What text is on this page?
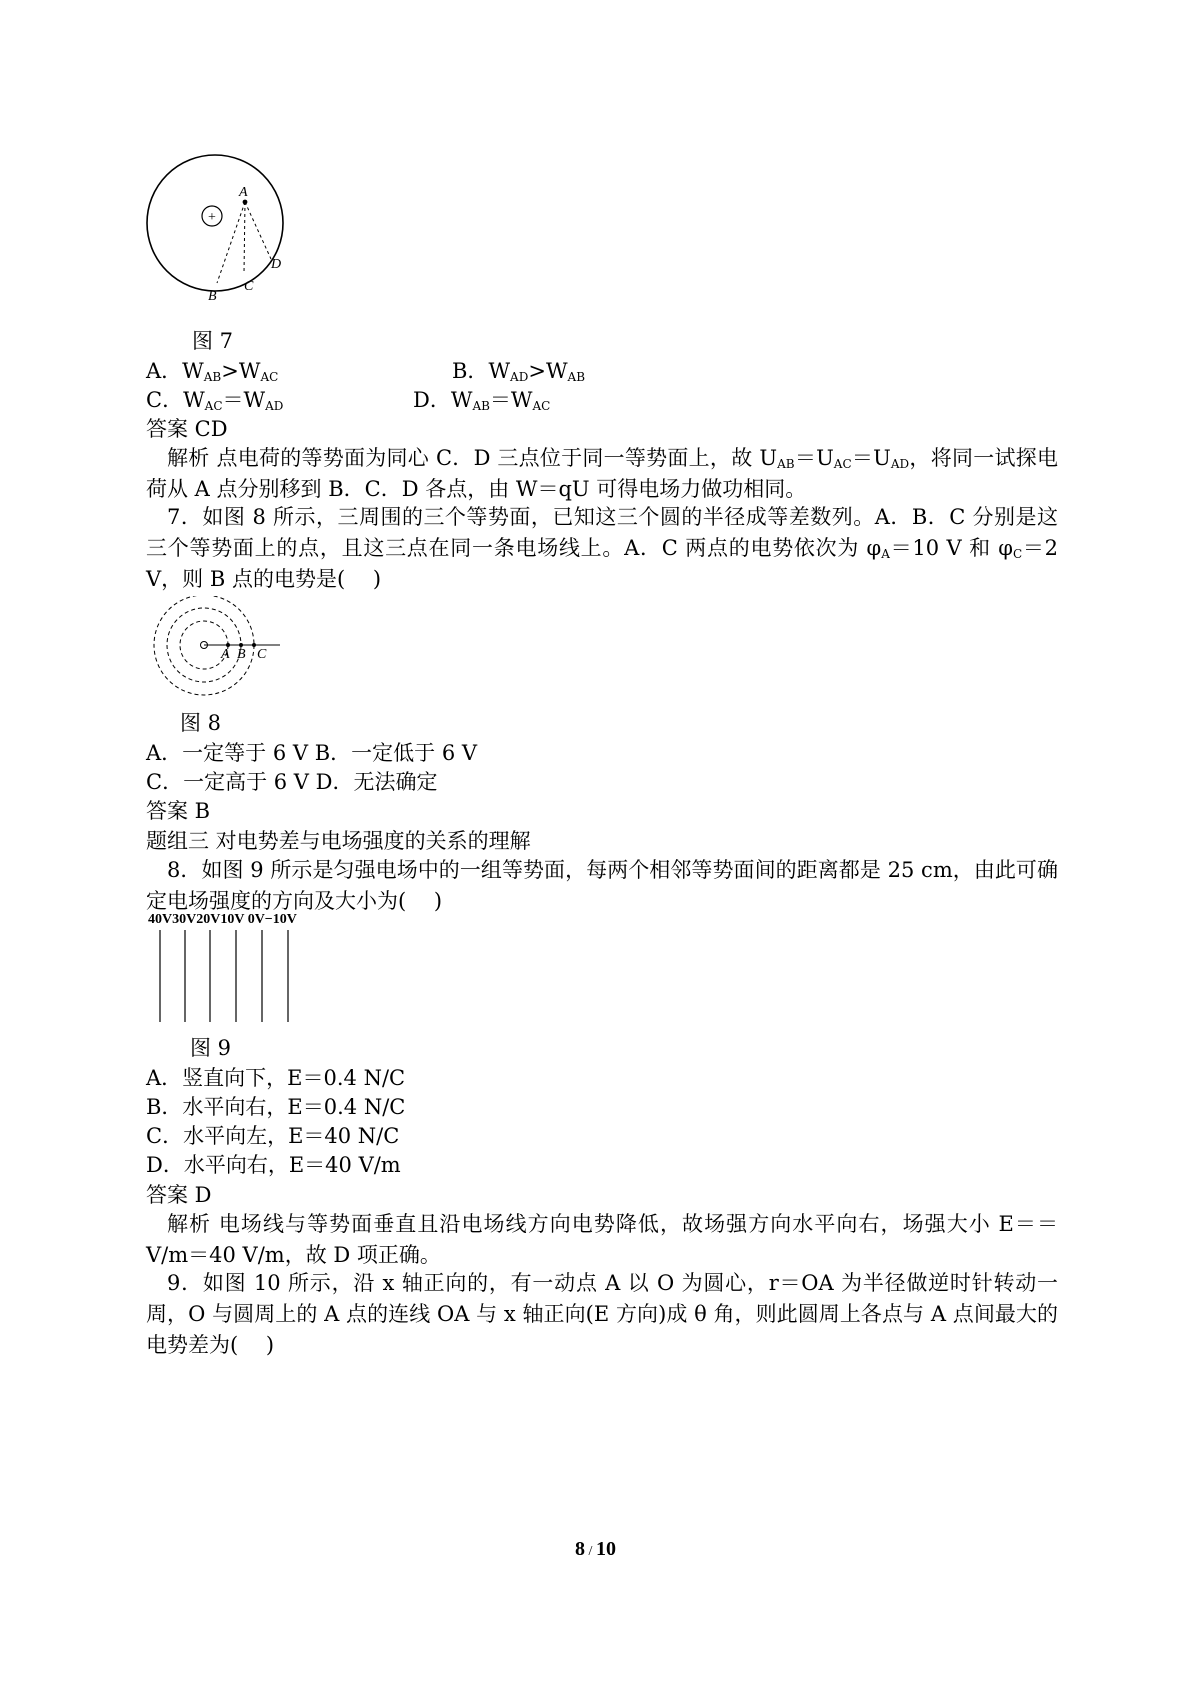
+
A
B
C
D
图 7
A．$W_{AB}>W_{AC}$	B．$W_{AD}>W_{AB}$
C．$W_{AC}=W_{AD}$	D．$W_{AB}=W_{AC}$
答案 CD
解析 点电荷的等势面为同心 C．D 三点位于同一等势面上，故 $U_{AB}=U_{AC}=U_{AD}$，将同一试探电荷从 A 点分别移到 B．C．D 各点，由 W＝qU 可得电场力做功相同。
7．如图 8 所示，三周围的三个等势面，已知这三个圆的半径成等差数列。A．B．C 分别是这三个等势面上的点，且这三点在同一条电场线上。A．C 两点的电势依次为 $\varphi_A=10$ V 和 $\varphi_C=2$ V，则 B 点的电势是(　 )
A B C
图 8
A．一定等于 6 V B．一定低于 6 V
C．一定高于 6 V D．无法确定
答案 B
题组三 对电势差与电场强度的关系的理解
8．如图 9 所示是匀强电场中的一组等势面，每两个相邻等势面间的距离都是 25 cm，由此可确定电场强度的方向及大小为(　 )
40V30V20V10V 0V−10V
图 9
A．竖直向下，E＝0.4 N/C
B．水平向右，E＝0.4 N/C
C．水平向左，E＝40 N/C
D．水平向右，E＝40 V/m
答案 D
解析 电场线与等势面垂直且沿电场线方向电势降低，故场强方向水平向右，场强大小 E＝＝ V/m＝40 V/m，故 D 项正确。
9．如图 10 所示，沿 x 轴正向的，有一动点 A 以 O 为圆心，r＝OA 为半径做逆时针转动一周，O 与圆周上的 A 点的连线 OA 与 x 轴正向(E 方向)成 θ 角，则此圆周上各点与 A 点间最大的电势差为(　 )
8 / 10
